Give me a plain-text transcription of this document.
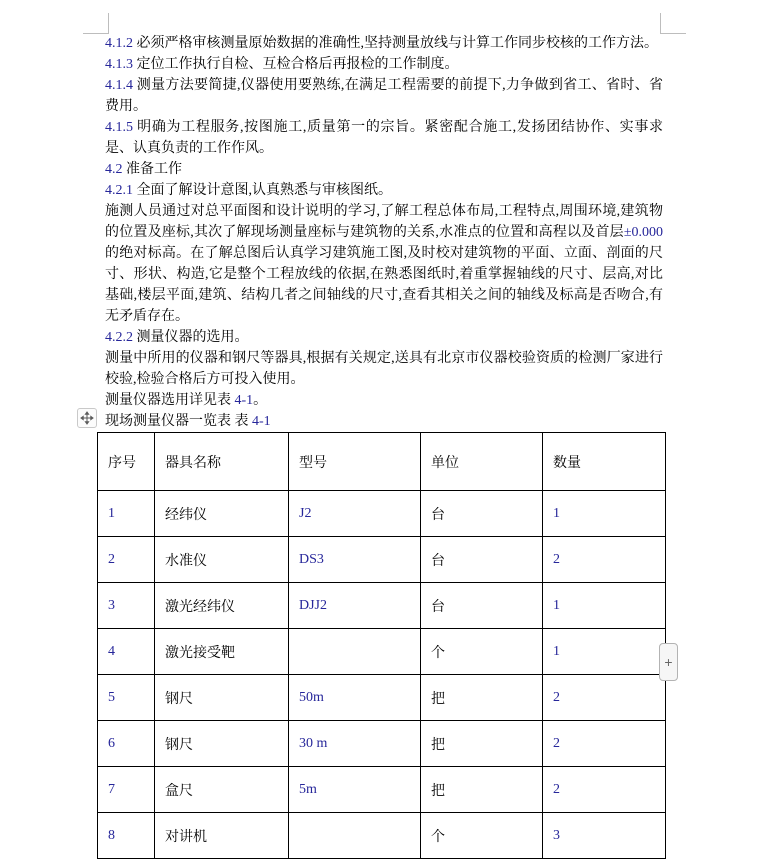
4.1.2 必须严格审核测量原始数据的准确性,坚持测量放线与计算工作同步校核的工作方法。

4.1.3 定位工作执行自检、互检合格后再报检的工作制度。

4.1.4 测量方法要简捷,仪器使用要熟练,在满足工程需要的前提下,力争做到省工、省时、省费用。

4.1.5 明确为工程服务,按图施工,质量第一的宗旨。紧密配合施工,发扬团结协作、实事求是、认真负责的工作作风。

4.2 准备工作

4.2.1 全面了解设计意图,认真熟悉与审核图纸。

施测人员通过对总平面图和设计说明的学习,了解工程总体布局,工程特点,周围环境,建筑物的位置及座标,其次了解现场测量座标与建筑物的关系,水准点的位置和高程以及首层±0.000 的绝对标高。在了解总图后认真学习建筑施工图,及时校对建筑物的平面、立面、剖面的尺寸、形状、构造,它是整个工程放线的依据,在熟悉图纸时,着重掌握轴线的尺寸、层高,对比基础,楼层平面,建筑、结构几者之间轴线的尺寸,查看其相关之间的轴线及标高是否吻合,有无矛盾存在。

4.2.2 测量仪器的选用。

测量中所用的仪器和钢尺等器具,根据有关规定,送具有北京市仪器校验资质的检测厂家进行校验,检验合格后方可投入使用。

测量仪器选用详见表 4-1。

现场测量仪器一览表 表 4-1

序号	器具名称	型号	单位	数量
1	经纬仪	J2	台	1
2	水准仪	DS3	台	2
3	激光经纬仪	DJJ2	台	1
4	激光接受靶		个	1
5	钢尺	50m	把	2
6	钢尺	30 m	把	2
7	盒尺	5m	把	2
8	对讲机		个	3
+
